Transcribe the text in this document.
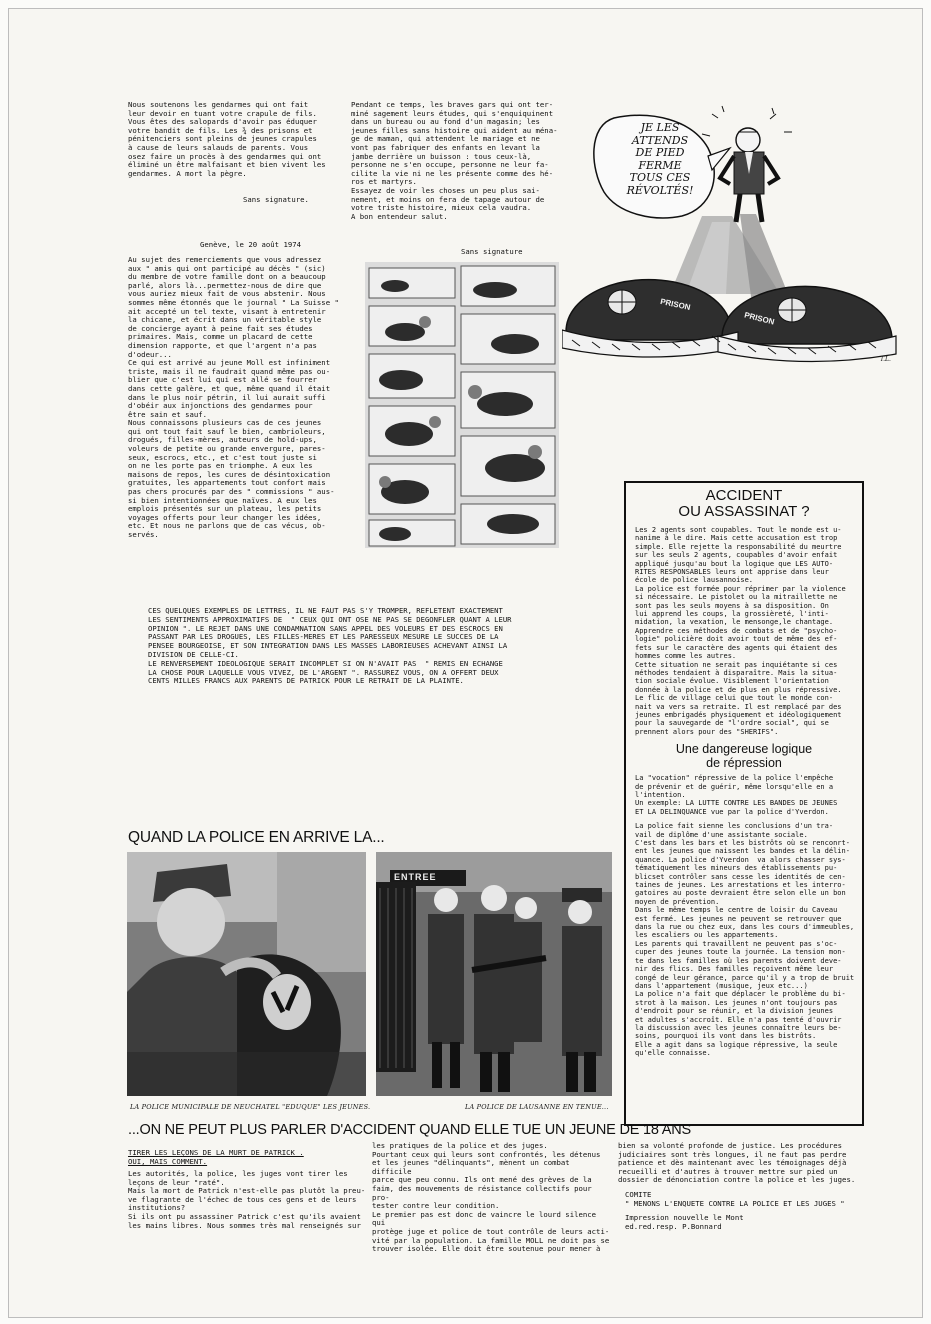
Nous soutenons les gendarmes qui ont fait
leur devoir en tuant votre crapule de fils.
Vous êtes des salopards d'avoir pas éduquer
votre bandit de fils. Les ¾ des prisons et
pénitenciers sont pleins de jeunes crapules
à cause de leurs salauds de parents. Vous
osez faire un procès à des gendarmes qui ont
éliminé un être malfaisant et bien vivent les
gendarmes. A mort la pègre.
Sans signature.
Pendant ce temps, les braves gars qui ont ter-
miné sagement leurs études, qui s'enquiquinent
dans un bureau ou au fond d'un magasin; les
jeunes filles sans histoire qui aident au ména-
ge de maman, qui attendent le mariage et ne
vont pas fabriquer des enfants en levant la
jambe derrière un buisson : tous ceux-là,
personne ne s'en occupe, personne ne leur fa-
cilite la vie ni ne les présente comme des hé-
ros et martyrs.
Essayez de voir les choses un peu plus sai-
nement, et moins on fera de tapage autour de
votre triste histoire, mieux cela vaudra.
A bon entendeur salut.
JE LES
ATTENDS
DE PIED
FERME
TOUS CES
RÉVOLTÉS!
PRISON
PRISON
T.L.
Genève, le 20 août 1974
Sans signature
Au sujet des remerciements que vous adressez
aux " amis qui ont participé au décès " (sic)
du membre de votre famille dont on a beaucoup
parlé, alors là...permettez-nous de dire que
vous auriez mieux fait de vous abstenir. Nous
sommes même étonnés que le journal " La Suisse "
ait accepté un tel texte, visant à entretenir
la chicane, et écrit dans un véritable style
de concierge ayant à peine fait ses études
primaires. Mais, comme un placard de cette
dimension rapporte, et que l'argent n'a pas
d'odeur...
Ce qui est arrivé au jeune Moll est infiniment
triste, mais il ne faudrait quand même pas ou-
blier que c'est lui qui est allé se fourrer
dans cette galère, et que, même quand il était
dans le plus noir pétrin, il lui aurait suffi
d'obéir aux injonctions des gendarmes pour
être sain et sauf.
Nous connaissons plusieurs cas de ces jeunes
qui ont tout fait sauf le bien, cambrioleurs,
drogués, filles-mères, auteurs de hold-ups,
voleurs de petite ou grande envergure, pares-
seux, escrocs, etc., et c'est tout juste si
on ne les porte pas en triomphe. A eux les
maisons de repos, les cures de désintoxication
gratuites, les appartements tout confort mais
pas chers procurés par des " commissions " aus-
si bien intentionnées que naïves. A eux les
emplois présentés sur un plateau, les petits
voyages offerts pour leur changer les idées,
etc. Et nous ne parlons que de cas vécus, ob-
servés.
CES QUELQUES EXEMPLES DE LETTRES, IL NE FAUT PAS S'Y TROMPER, REFLETENT EXACTEMENT
LES SENTIMENTS APPROXIMATIFS DE  " CEUX QUI ONT OSE NE PAS SE DEGONFLER QUANT A LEUR
OPINION ". LE REJET DANS UNE CONDAMNATION SANS APPEL DES VOLEURS ET DES ESCROCS EN
PASSANT PAR LES DROGUES, LES FILLES-MERES ET LES PARESSEUX MESURE LE SUCCES DE LA
PENSEE BOURGEOISE, ET SON INTEGRATION DANS LES MASSES LABORIEUSES ACHEVANT AINSI LA
DIVISION DE CELLE-CI.
LE RENVERSEMENT IDEOLOGIQUE SERAIT INCOMPLET SI ON N'AVAIT PAS  " REMIS EN ECHANGE
LA CHOSE POUR LAQUELLE VOUS VIVEZ, DE L'ARGENT ". RASSUREZ VOUS, ON A OFFERT DEUX
CENTS MILLES FRANCS AUX PARENTS DE PATRICK POUR LE RETRAIT DE LA PLAINTE.
ACCIDENT
OU ASSASSINAT ?
Les 2 agents sont coupables. Tout le monde est u-
nanime à le dire. Mais cette accusation est trop
simple. Elle rejette la responsabilité du meurtre
sur les seuls 2 agents, coupables d'avoir enfait
appliqué jusqu'au bout la logique que LES AUTO-
RITES RESPONSABLES leurs ont apprise dans leur
école de police lausannoise.
La police est formée pour réprimer par la violence
si nécessaire. Le pistolet ou la mitraillette ne
sont pas les seuls moyens à sa disposition. On
lui apprend les coups, la grossièreté, l'inti-
midation, la vexation, le mensonge,le chantage.
Apprendre ces méthodes de combats et de "psycho-
logie" policière doit avoir tout de même des ef-
fets sur le caractère des agents qui étaient des
hommes comme les autres.
Cette situation ne serait pas inquiétante si ces
méthodes tendaient à disparaître. Mais la situa-
tion sociale évolue. Visiblement l'orientation
donnée à la police et de plus en plus répressive.
Le flic de village celui que tout le monde con-
nait va vers sa retraite. Il est remplacé par des
jeunes embrigadés physiquement et idéologiquement
pour la sauvegarde de "l'ordre social", qui se
prennent alors pour des "SHERIFS".
Une dangereuse logique
de répression
La "vocation" répressive de la police l'empêche
de prévenir et de guérir, même lorsqu'elle en a
l'intention.
Un exemple: LA LUTTE CONTRE LES BANDES DE JEUNES
ET LA DELINQUANCE vue par la police d'Yverdon.
La police fait sienne les conclusions d'un tra-
vail de diplôme d'une assistante sociale.
C'est dans les bars et les bistrôts où se renconrt-
ent les jeunes que naissent les bandes et la délin-
quance. La police d'Yverdon  va alors chasser sys-
tématiquement les mineurs des établissements pu-
blicset contrôler sans cesse les identités de cen-
taines de jeunes. Les arrestations et les interro-
gatoires au poste devraient être selon elle un bon
moyen de prévention.
Dans le même temps le centre de loisir du Caveau
est fermé. Les jeunes ne peuvent se retrouver que
dans la rue ou chez eux, dans les cours d'immeubles,
les escaliers ou les appartements.
Les parents qui travaillent ne peuvent pas s'oc-
cuper des jeunes toute la journée. La tension mon-
te dans les familles où les parents doivent deve-
nir des flics. Des familles reçoivent même leur
congé de leur gérance, parce qu'il y a trop de bruit
dans l'appartement (musique, jeux etc...)
La police n'a fait que déplacer le problème du bi-
strot à la maison. Les jeunes n'ont toujours pas
d'endroit pour se réunir, et la division jeunes
et adultes s'accroît. Elle n'a pas tenté d'ouvrir
la discussion avec les jeunes connaître leurs be-
soins, pourquoi ils vont dans les bistrôts.
Elle a agit dans sa logique répressive, la seule
qu'elle connaisse.
QUAND LA POLICE EN ARRIVE LA...
LA POLICE MUNICIPALE DE NEUCHATEL "EDUQUE" LES JEUNES.
ENTREE
LA POLICE DE LAUSANNE EN TENUE...
...ON NE PEUT PLUS PARLER D'ACCIDENT QUAND ELLE TUE UN JEUNE DE 18 ANS
TIRER LES LEÇONS DE LA MURT DE PATRICK .
OUI, MAIS COMMENT.
Les autorités, la police, les juges vont tirer les
leçons de leur "raté".
Mais la mort de Patrick n'est-elle pas plutôt la preu-
ve flagrante de l'échec de tous ces gens et de leurs
institutions?
Si ils ont pu assassiner Patrick c'est qu'ils avaient
les mains libres. Nous sommes très mal renseignés sur
les pratiques de la police et des juges.
Pourtant ceux qui leurs sont confrontés, les détenus
et les jeunes "délinquants", mènent un combat difficile
parce que peu connu. Ils ont mené des grèves de la
faim, des mouvements de résistance collectifs pour pro-
tester contre leur condition.
Le premier pas est donc de vaincre le lourd silence qui
protège juge et police de tout contrôle de leurs acti-
vité par la population. La famille MOLL ne doit pas se
trouver isolée. Elle doit être soutenue pour mener à
bien sa volonté profonde de justice. Les procédures
judiciaires sont très longues, il ne faut pas perdre
patience et dès maintenant avec les témoignages déjà
recueilli et d'autres à trouver mettre sur pied un
dossier de dénonciation contre la police et les juges.
COMITE
" MENONS L'ENQUETE CONTRE LA POLICE ET LES JUGES "
Impression nouvelle le Mont
ed.red.resp. P.Bonnard
